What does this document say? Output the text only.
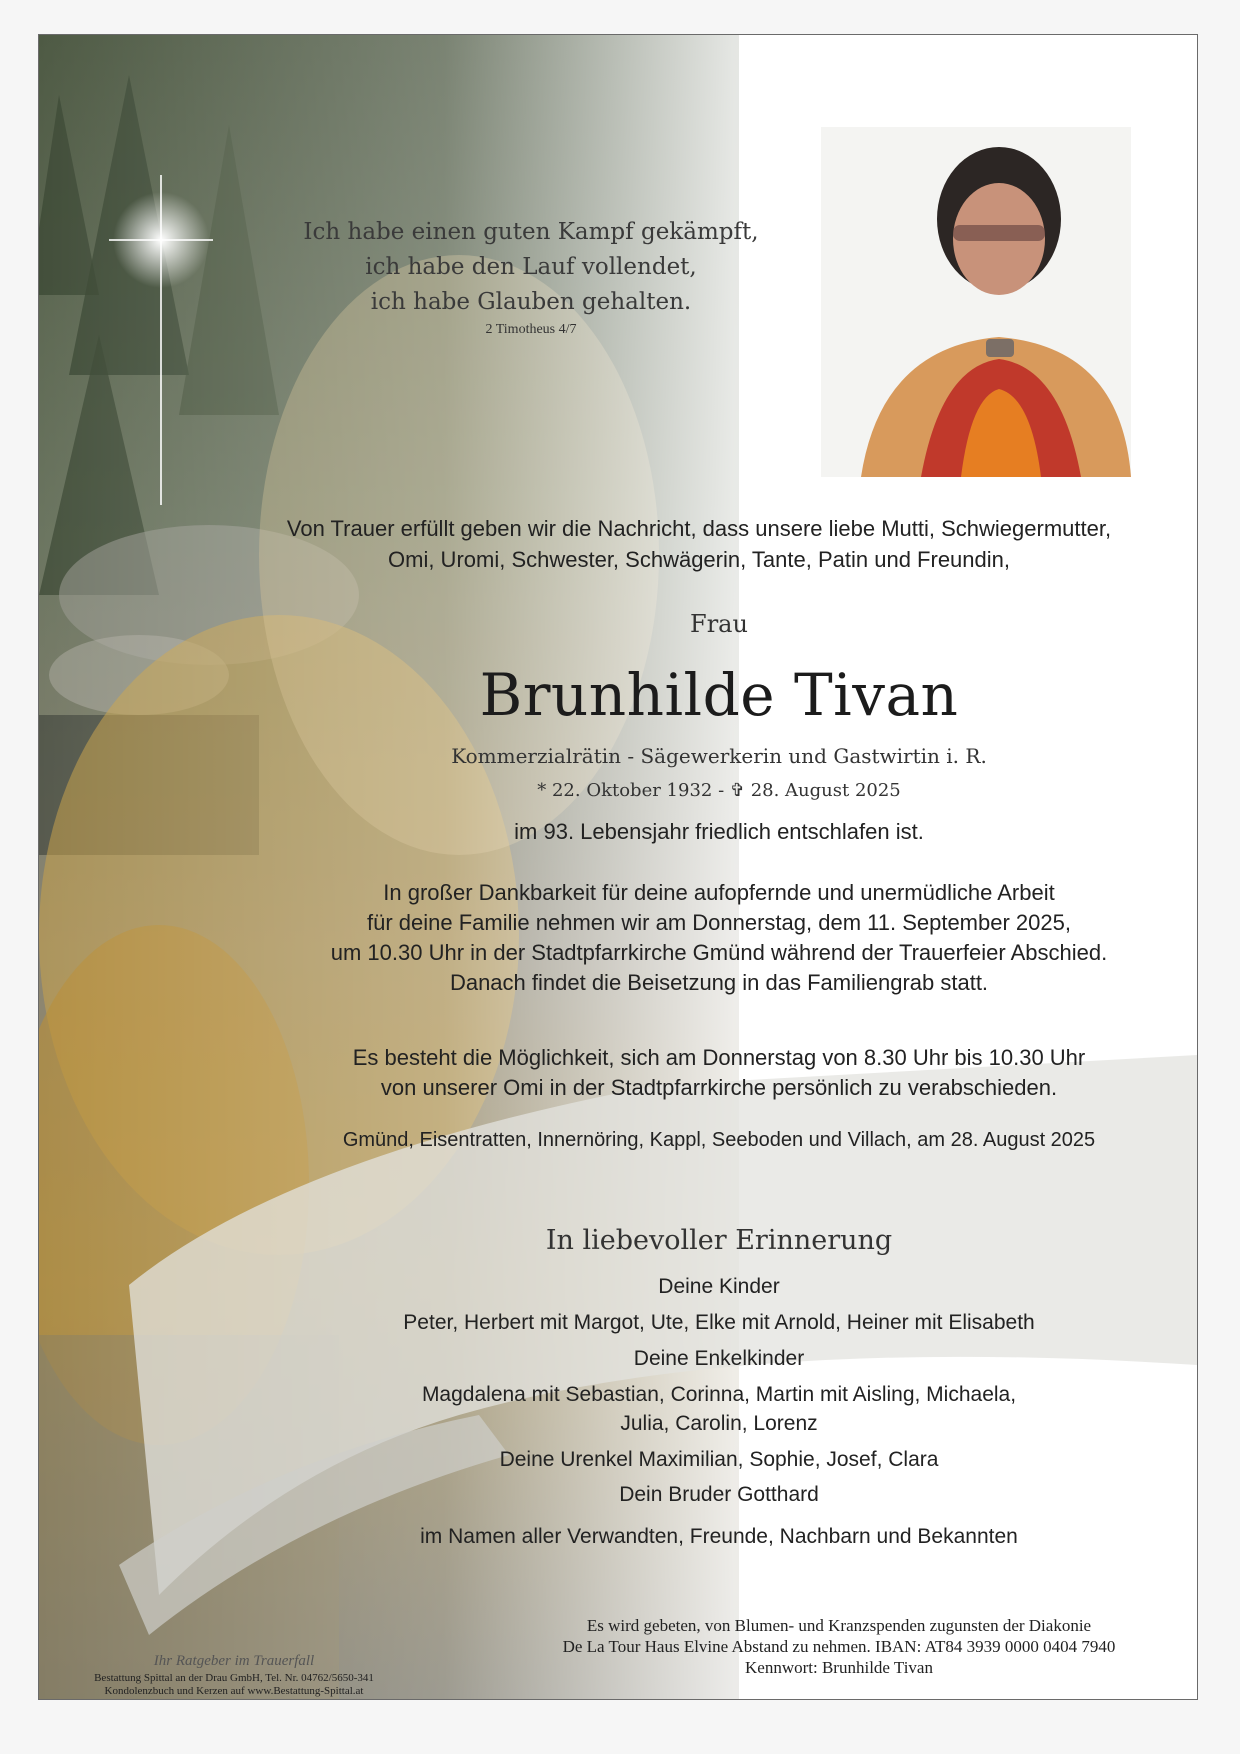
Ich habe einen guten Kampf gekämpft,
ich habe den Lauf vollendet,
ich habe Glauben gehalten.
2 Timotheus 4/7
Von Trauer erfüllt geben wir die Nachricht, dass unsere liebe Mutti, Schwiegermutter,
Omi, Uromi, Schwester, Schwägerin, Tante, Patin und Freundin,
Frau
Brunhilde Tivan
Kommerzialrätin - Sägewerkerin und Gastwirtin i. R.
* 22. Oktober 1932 - ✞ 28. August 2025
im 93. Lebensjahr friedlich entschlafen ist.
In großer Dankbarkeit für deine aufopfernde und unermüdliche Arbeit
für deine Familie nehmen wir am Donnerstag, dem 11. September 2025,
um 10.30 Uhr in der Stadtpfarrkirche Gmünd während der Trauerfeier Abschied.
Danach findet die Beisetzung in das Familiengrab statt.
Es besteht die Möglichkeit, sich am Donnerstag von 8.30 Uhr bis 10.30 Uhr
von unserer Omi in der Stadtpfarrkirche persönlich zu verabschieden.
Gmünd, Eisentratten, Innernöring, Kappl, Seeboden und Villach, am 28. August 2025
In liebevoller Erinnerung
Deine Kinder
Peter, Herbert mit Margot, Ute, Elke mit Arnold, Heiner mit Elisabeth
Deine Enkelkinder
Magdalena mit Sebastian, Corinna, Martin mit Aisling, Michaela,
Julia, Carolin, Lorenz
Deine Urenkel Maximilian, Sophie, Josef, Clara
Dein Bruder Gotthard
im Namen aller Verwandten, Freunde, Nachbarn und Bekannten
Es wird gebeten, von Blumen- und Kranzspenden zugunsten der Diakonie
De La Tour Haus Elvine Abstand zu nehmen. IBAN: AT84 3939 0000 0404 7940
Kennwort: Brunhilde Tivan
Ihr Ratgeber im Trauerfall
Bestattung Spittal an der Drau GmbH, Tel. Nr. 04762/5650-341
Kondolenzbuch und Kerzen auf www.Bestattung-Spittal.at
